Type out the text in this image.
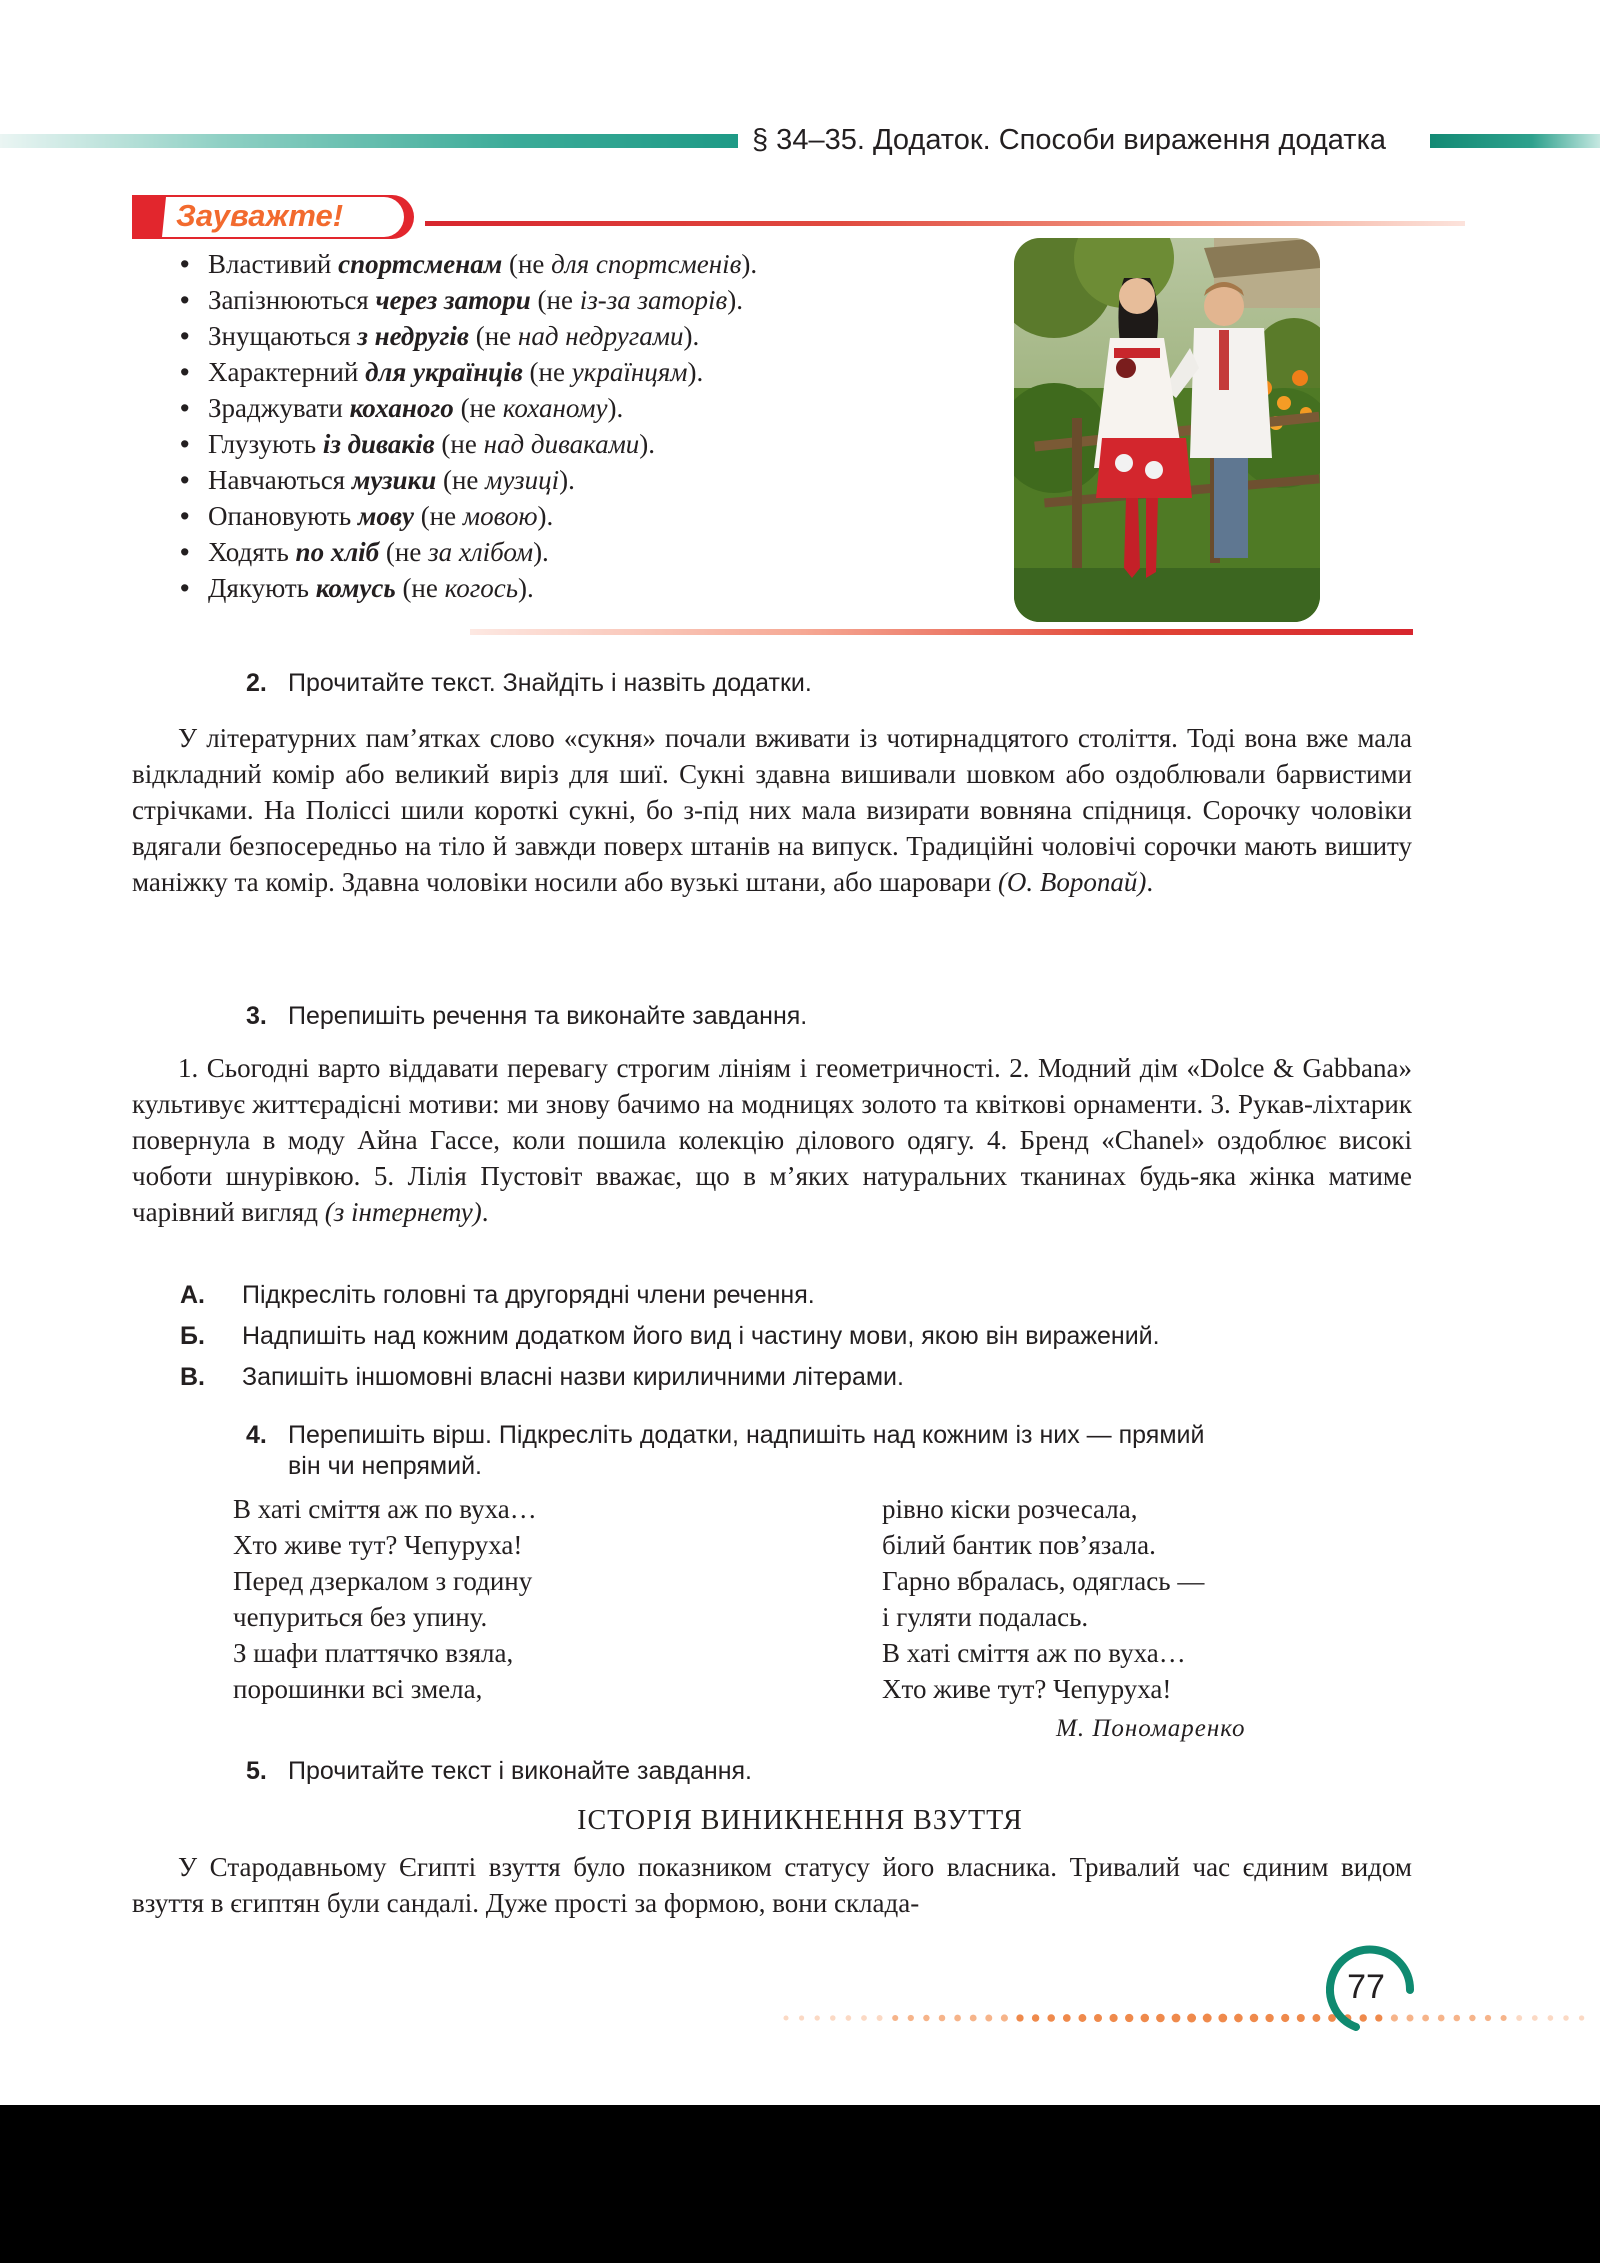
§ 34–35. Додаток. Способи вираження додатка
Зауважте!
• Властивий спортсменам (не для спортсменів).
• Запізнюються через затори (не із-за заторів).
• Знущаються з недругів (не над недругами).
• Характерний для українців (не українцям).
• Зраджувати коханого (не коханому).
• Глузують із диваків (не над диваками).
• Навчаються музики (не музиці).
• Опановують мову (не мовою).
• Ходять по хліб (не за хлібом).
• Дякують комусь (не когось).
2. Прочитайте текст. Знайдіть і назвіть додатки.

У літературних пам’ятках слово «сукня» почали вживати із чотирнадцятого століття. Тоді вона вже мала відкладний комір або великий виріз для шиї. Сукні здавна вишивали шовком або оздоблювали барвистими стрічками. На Поліссі шили короткі сукні, бо з-під них мала визирати вовняна спідниця. Сорочку чоловіки вдягали безпосередньо на тіло й завжди поверх штанів на випуск. Традиційні чоловічі сорочки мають вишиту маніжку та комір. Здавна чоловіки носили або вузькі штани, або шаровари (О. Воропай).

3. Перепишіть речення та виконайте завдання.

1. Сьогодні варто віддавати перевагу строгим лініям і геометричності. 2. Модний дім «Dolce & Gabbana» культивує життєрадісні мотиви: ми знову бачимо на модницях золото та квіткові орнаменти. 3. Рукав-ліхтарик повернула в моду Айна Гассе, коли пошила колекцію ділового одягу. 4. Бренд «Chanel» оздоблює високі чоботи шнурівкою. 5. Лілія Пустовіт вважає, що в м’яких натуральних тканинах будь-яка жінка матиме чарівний вигляд (з інтернету).

А. Підкресліть головні та другорядні члени речення.
Б. Надпишіть над кожним додатком його вид і частину мови, якою він виражений.
В. Запишіть іншомовні власні назви кириличними літерами.
4. Перепишіть вірш. Підкресліть додатки, надпишіть над кожним із них — прямий
він чи непрямий.
В хаті сміття аж по вуха…
Хто живе тут? Чепуруха!
Перед дзеркалом з годину
чепуриться без упину.
З шафи платтячко взяла,
порошинки всі змела,
рівно кіски розчесала,
білий бантик пов’язала.
Гарно вбралась, одяглась —
і гуляти подалась.
В хаті сміття аж по вуха…
Хто живе тут? Чепуруха!
М. Пономаренко
5. Прочитайте текст і виконайте завдання.
ІСТОРІЯ ВИНИКНЕННЯ ВЗУТТЯ

У Стародавньому Єгипті взуття було показником статусу його власника. Тривалий час єдиним видом взуття в єгиптян були сандалі. Дуже прості за формою, вони склада-

77
